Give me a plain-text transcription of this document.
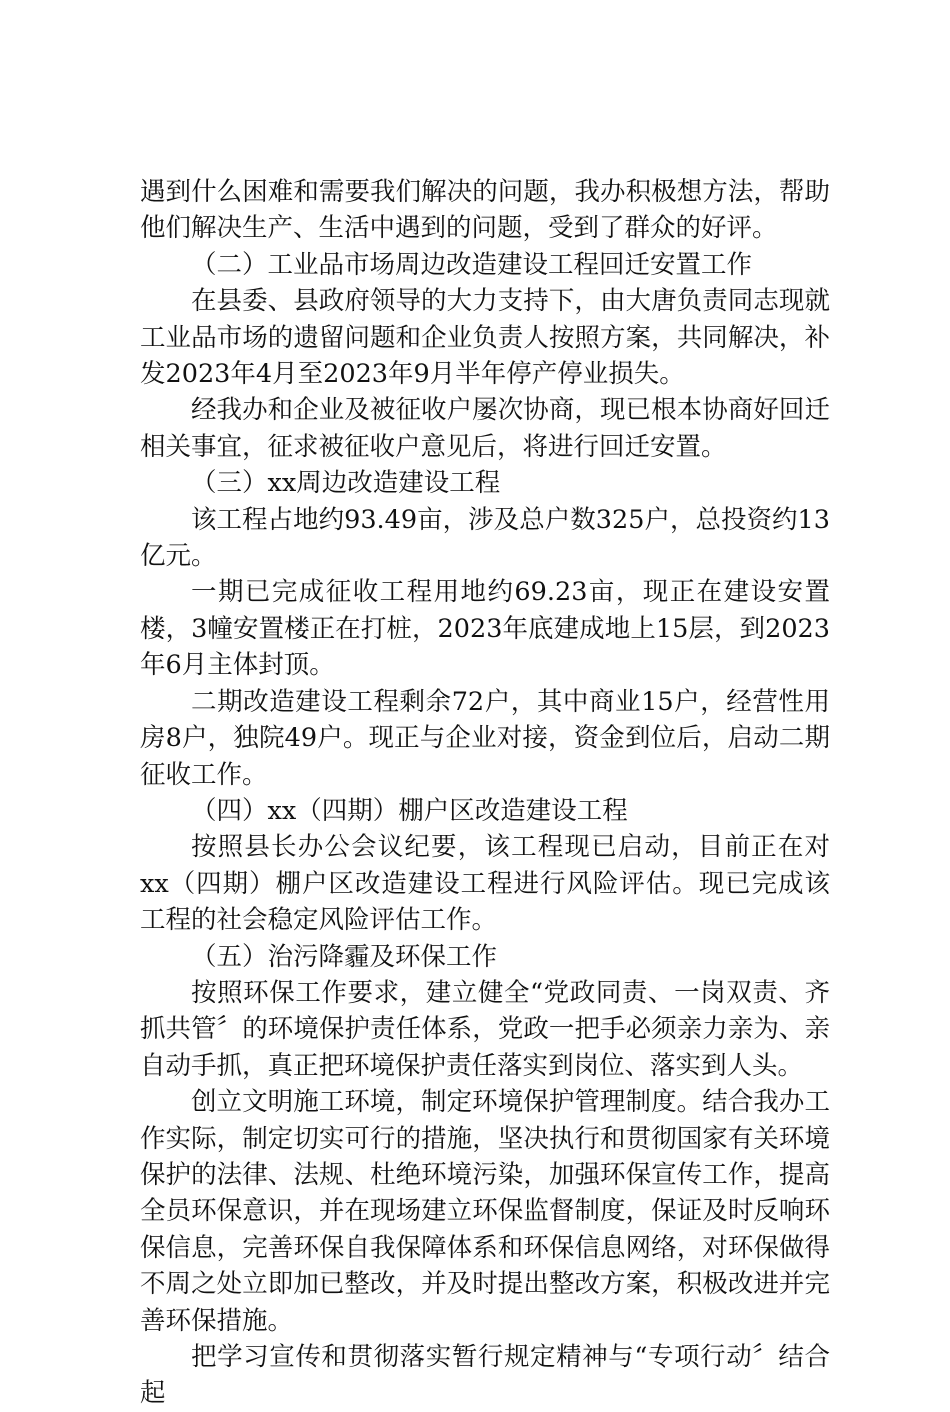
遇到什么困难和需要我们解决的问题，我办积极想方法，帮助他们解决生产、生活中遇到的问题，受到了群众的好评。

（二）工业品市场周边改造建设工程回迁安置工作

在县委、县政府领导的大力支持下，由大唐负责同志现就工业品市场的遗留问题和企业负责人按照方案，共同解决，补发2023年4月至2023年9月半年停产停业损失。

经我办和企业及被征收户屡次协商，现已根本协商好回迁相关事宜，征求被征收户意见后，将进行回迁安置。

（三）xx周边改造建设工程

该工程占地约93.49亩，涉及总户数325户，总投资约13亿元。

一期已完成征收工程用地约69.23亩，现正在建设安置楼，3幢安置楼正在打桩，2023年底建成地上15层，到2023年6月主体封顶。

二期改造建设工程剩余72户，其中商业15户，经营性用房8户，独院49户。现正与企业对接，资金到位后，启动二期征收工作。

（四）xx（四期）棚户区改造建设工程

按照县长办公会议纪要，该工程现已启动，目前正在对xx（四期）棚户区改造建设工程进行风险评估。现已完成该工程的社会稳定风险评估工作。

（五）治污降霾及环保工作

按照环保工作要求，建立健全“党政同责、一岗双责、齐抓共管〞的环境保护责任体系，党政一把手必须亲力亲为、亲自动手抓，真正把环境保护责任落实到岗位、落实到人头。

创立文明施工环境，制定环境保护管理制度。结合我办工作实际，制定切实可行的措施，坚决执行和贯彻国家有关环境保护的法律、法规、杜绝环境污染，加强环保宣传工作，提高全员环保意识，并在现场建立环保监督制度，保证及时反响环保信息，完善环保自我保障体系和环保信息网络，对环保做得不周之处立即加已整改，并及时提出整改方案，积极改进并完善环保措施。

把学习宣传和贯彻落实暂行规定精神与“专项行动〞结合起
